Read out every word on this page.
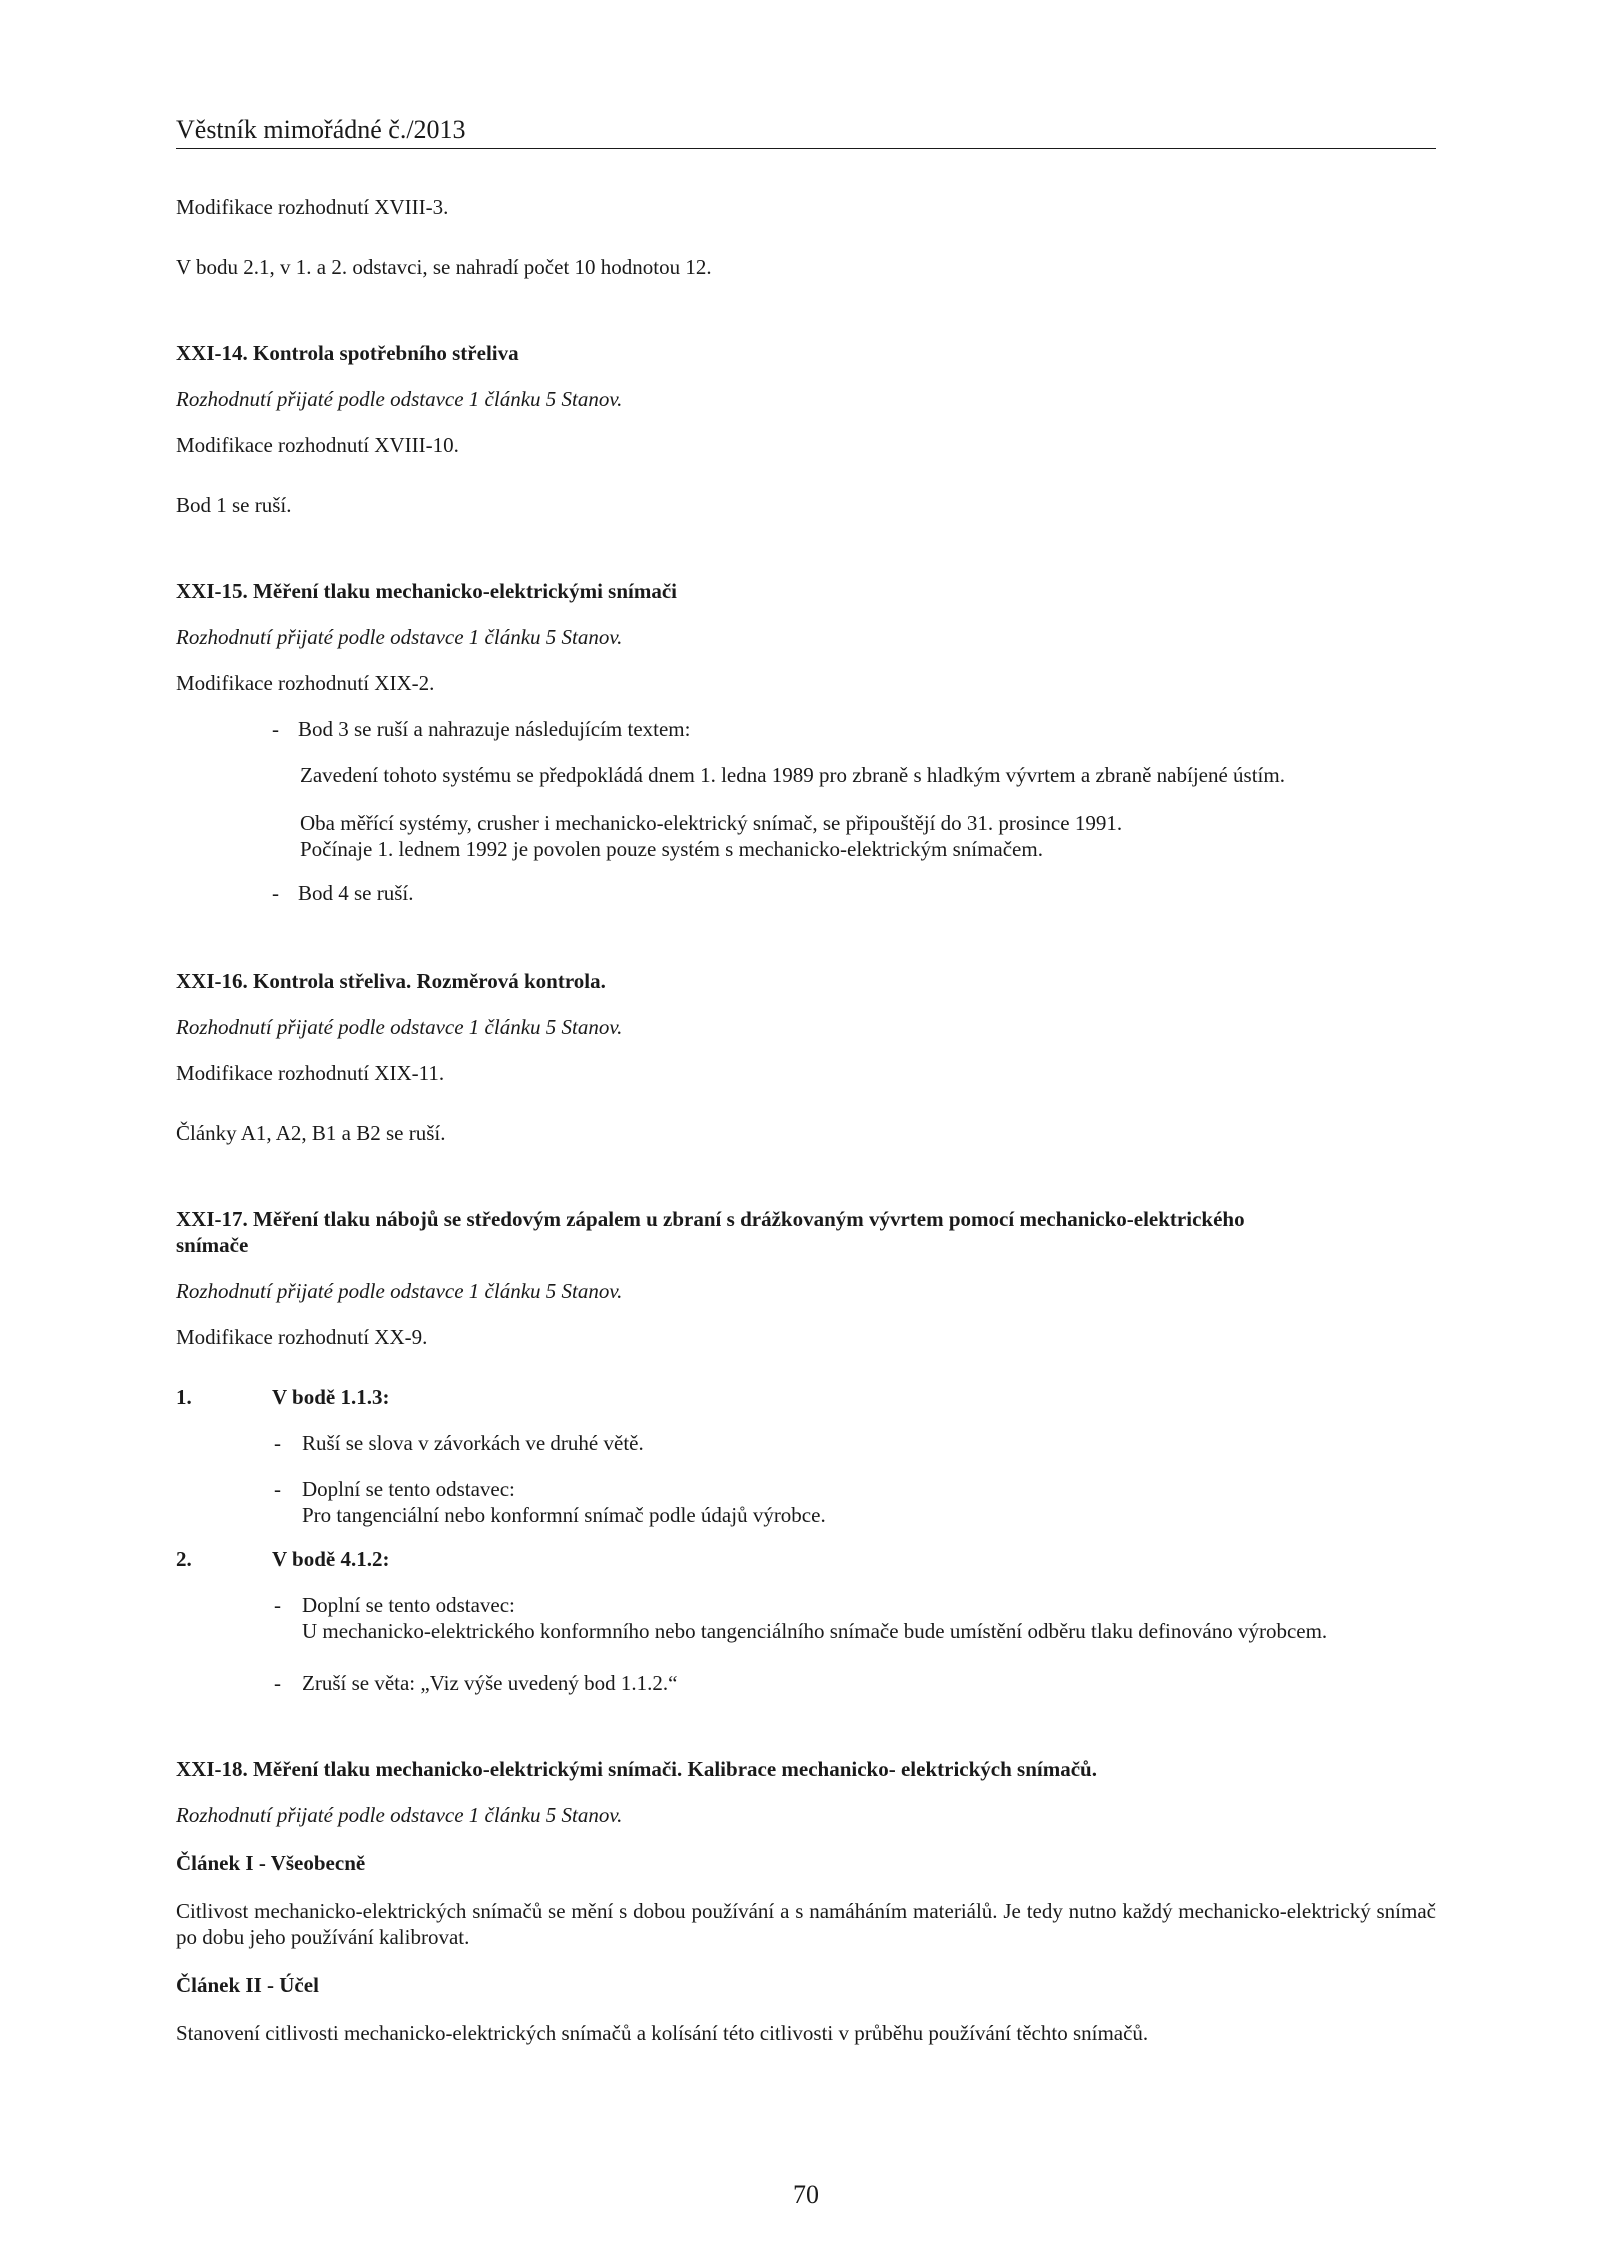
Věstník mimořádné č./2013
Modifikace rozhodnutí XVIII-3.
V bodu 2.1, v 1. a 2. odstavci, se nahradí počet 10 hodnotou 12.
XXI-14. Kontrola spotřebního střeliva
Rozhodnutí přijaté podle odstavce 1 článku 5 Stanov.
Modifikace rozhodnutí XVIII-10.
Bod 1 se ruší.
XXI-15. Měření tlaku mechanicko-elektrickými snímači
Rozhodnutí přijaté podle odstavce 1 článku 5 Stanov.
Modifikace rozhodnutí XIX-2.
- Bod 3 se ruší a nahrazuje následujícím textem:
Zavedení tohoto systému se předpokládá dnem 1. ledna 1989 pro zbraně s hladkým vývrtem a zbraně nabíjené ústím.
Oba měřící systémy, crusher i mechanicko-elektrický snímač, se připouštějí do 31. prosince 1991.
Počínaje 1. lednem 1992 je povolen pouze systém s mechanicko-elektrickým snímačem.
- Bod 4 se ruší.
XXI-16. Kontrola střeliva. Rozměrová kontrola.
Rozhodnutí přijaté podle odstavce 1 článku 5 Stanov.
Modifikace rozhodnutí XIX-11.
Články A1, A2, B1 a B2 se ruší.
XXI-17. Měření tlaku nábojů se středovým zápalem u zbraní s drážkovaným vývrtem pomocí mechanicko-elektrického
snímače
Rozhodnutí přijaté podle odstavce 1 článku 5 Stanov.
Modifikace rozhodnutí XX-9.
1.	V bodě 1.1.3:
- Ruší se slova v závorkách ve druhé větě.
- Doplní se tento odstavec:
Pro tangenciální nebo konformní snímač podle údajů výrobce.
2.	V bodě 4.1.2:
- Doplní se tento odstavec:
U mechanicko-elektrického konformního nebo tangenciálního snímače bude umístění odběru tlaku definováno výrobcem.
- Zruší se věta: „Viz výše uvedený bod 1.1.2.“
XXI-18. Měření tlaku mechanicko-elektrickými snímači. Kalibrace mechanicko- elektrických snímačů.
Rozhodnutí přijaté podle odstavce 1 článku 5 Stanov.
Článek I - Všeobecně
Citlivost mechanicko-elektrických snímačů se mění s dobou používání a s namáháním materiálů. Je tedy nutno každý mechanicko-elektrický snímač po dobu jeho používání kalibrovat.
Článek II - Účel
Stanovení citlivosti mechanicko-elektrických snímačů a kolísání této citlivosti v průběhu používání těchto snímačů.
70
